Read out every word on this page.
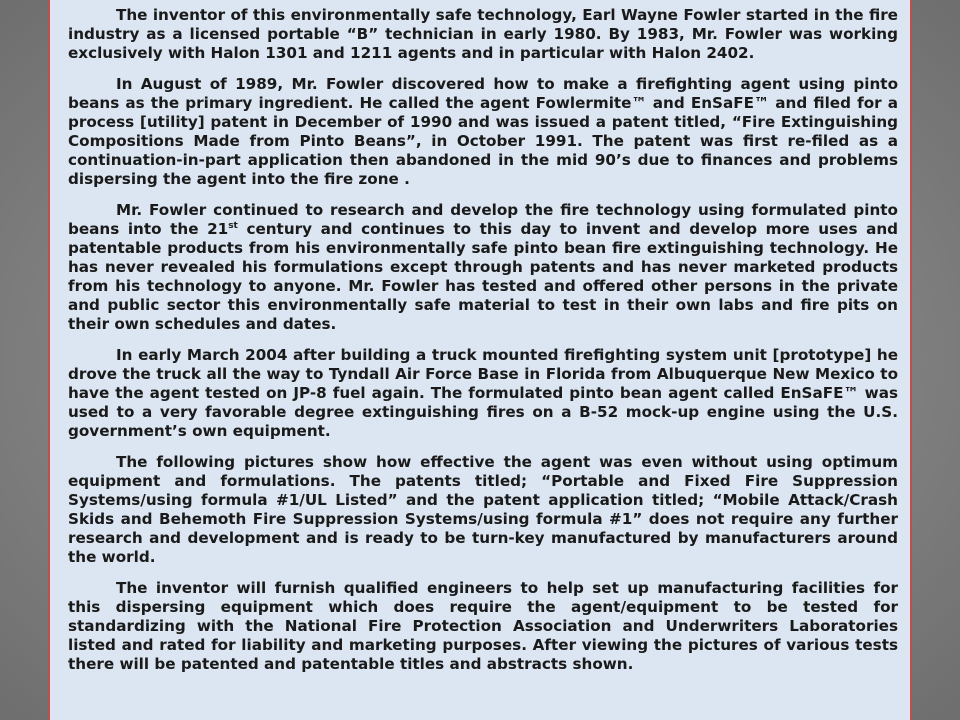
The inventor of this environmentally safe technology, Earl Wayne Fowler started in the fire industry as a licensed portable “B” technician in early 1980. By 1983, Mr. Fowler was working exclusively with Halon 1301 and 1211 agents and in particular with Halon 2402.

In August of 1989, Mr. Fowler discovered how to make a firefighting agent using pinto beans as the primary ingredient. He called the agent Fowlermite™ and EnSaFE™ and filed for a process [utility] patent in December of 1990 and was issued a patent titled, “Fire Extinguishing Compositions Made from Pinto Beans”, in October 1991. The patent was first re-filed as a continuation-in-part application then abandoned in the mid 90’s due to finances and problems dispersing the agent into the fire zone .

Mr. Fowler continued to research and develop the fire technology using formulated pinto beans into the 21st century and continues to this day to invent and develop more uses and patentable products from his environmentally safe pinto bean fire extinguishing technology. He has never revealed his formulations except through patents and has never marketed products from his technology to anyone. Mr. Fowler has tested and offered other persons in the private and public sector this environmentally safe material to test in their own labs and fire pits on their own schedules and dates.

In early March 2004 after building a truck mounted firefighting system unit [prototype] he drove the truck all the way to Tyndall Air Force Base in Florida from Albuquerque New Mexico to have the agent tested on JP-8 fuel again. The formulated pinto bean agent called EnSaFE™ was used to a very favorable degree extinguishing fires on a B-52 mock-up engine using the U.S. government’s own equipment.

The following pictures show how effective the agent was even without using optimum equipment and formulations. The patents titled; “Portable and Fixed Fire Suppression Systems/using formula #1/UL Listed” and the patent application titled; “Mobile Attack/Crash Skids and Behemoth Fire Suppression Systems/using formula #1” does not require any further research and development and is ready to be turn-key manufactured by manufacturers around the world.

The inventor will furnish qualified engineers to help set up manufacturing facilities for this dispersing equipment which does require the agent/equipment to be tested for standardizing with the National Fire Protection Association and Underwriters Laboratories listed and rated for liability and marketing purposes. After viewing the pictures of various tests there will be patented and patentable titles and abstracts shown.
